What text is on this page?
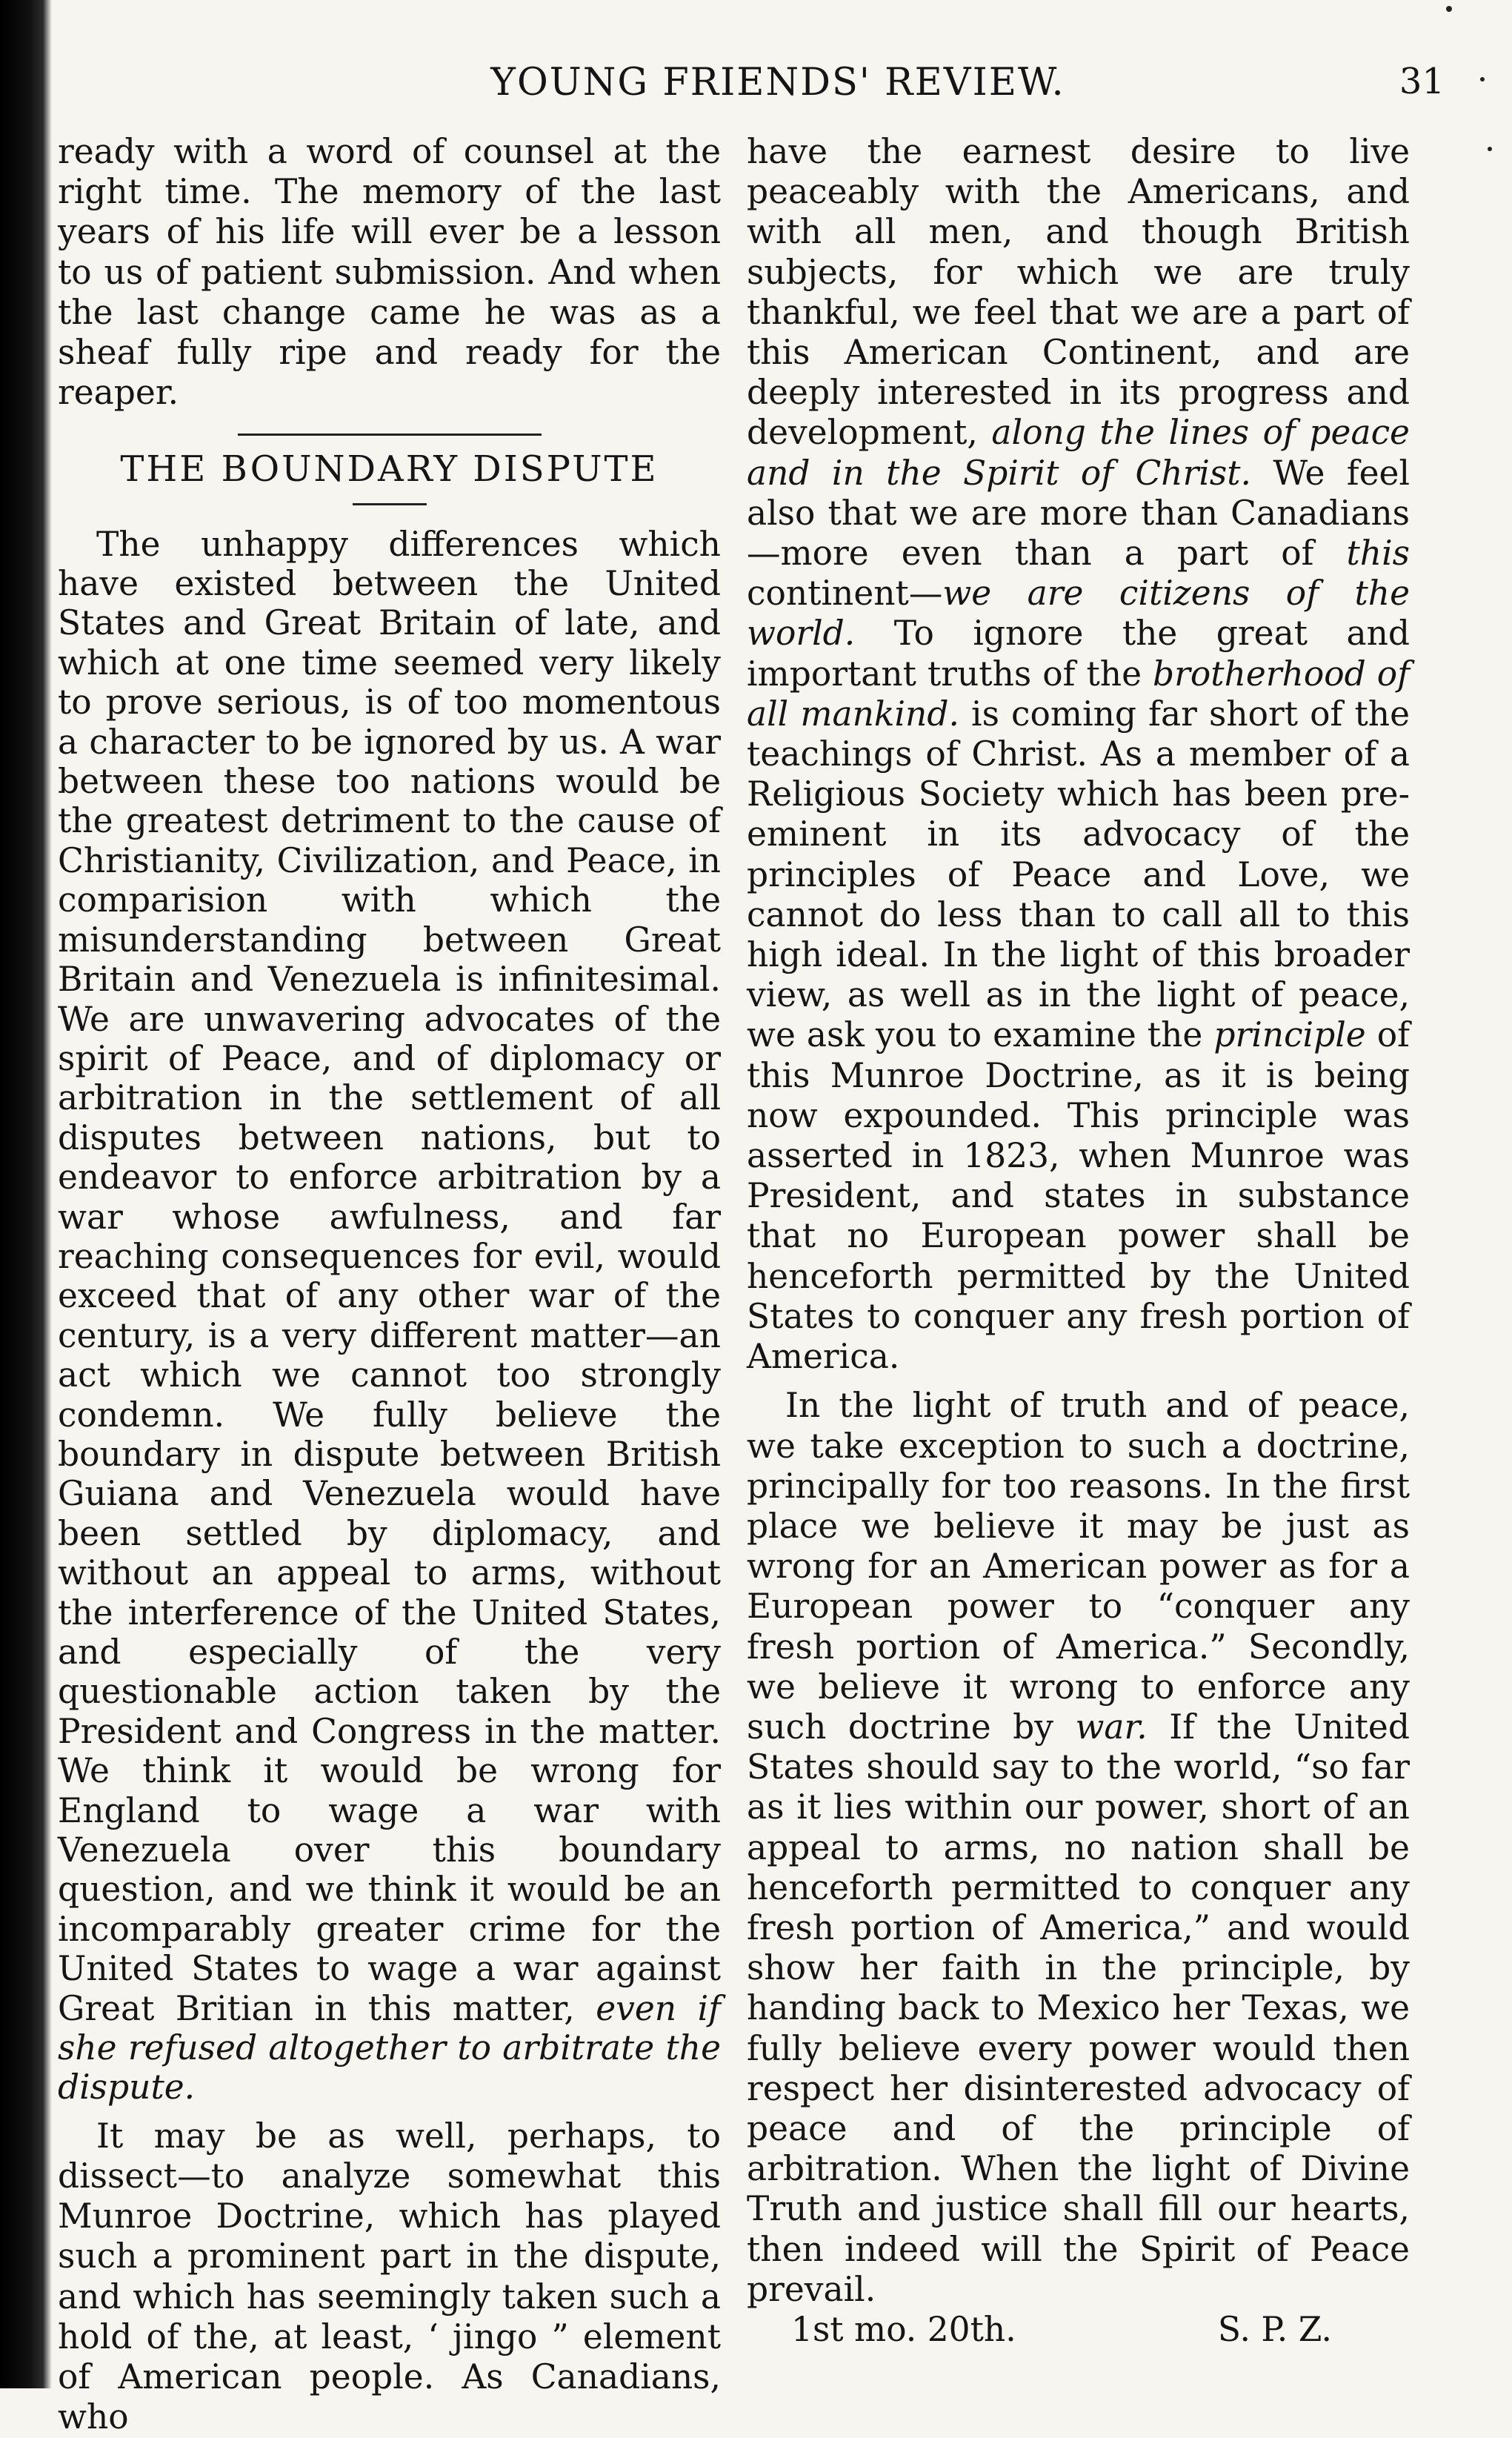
YOUNG FRIENDS' REVIEW.	31

ready with a word of counsel at the right time. The memory of the last years of his life will ever be a lesson to us of patient submission. And when the last change came he was as a sheaf fully ripe and ready for the reaper.

THE BOUNDARY DISPUTE

The unhappy differences which have existed between the United States and Great Britain of late, and which at one time seemed very likely to prove serious, is of too momentous a character to be ignored by us. A war between these too nations would be the greatest detriment to the cause of Christianity, Civilization, and Peace, in comparision with which the misunderstanding between Great Britain and Venezuela is infinitesimal. We are unwavering advocates of the spirit of Peace, and of diplomacy or arbitration in the settlement of all disputes between nations, but to endeavor to enforce arbitration by a war whose awfulness, and far reaching consequences for evil, would exceed that of any other war of the century, is a very different matter—an act which we cannot too strongly condemn. We fully believe the boundary in dispute between British Guiana and Venezuela would have been settled by diplomacy, and without an appeal to arms, without the interference of the United States, and especially of the very questionable action taken by the President and Congress in the matter. We think it would be wrong for England to wage a war with Venezuela over this boundary question, and we think it would be an incomparably greater crime for the United States to wage a war against Great Britian in this matter, even if she refused altogether to arbitrate the dispute.

It may be as well, perhaps, to dissect—to analyze somewhat this Munroe Doctrine, which has played such a prominent part in the dispute, and which has seemingly taken such a hold of the, at least, ‘ jingo ” element of American people. As Canadians, who

have the earnest desire to live peaceably with the Americans, and with all men, and though British subjects, for which we are truly thankful, we feel that we are a part of this American Continent, and are deeply interested in its progress and development, along the lines of peace and in the Spirit of Christ. We feel also that we are more than Canadians—more even than a part of this continent—we are citizens of the world. To ignore the great and important truths of the brotherhood of all mankind. is coming far short of the teachings of Christ. As a member of a Religious Society which has been pre-eminent in its advocacy of the principles of Peace and Love, we cannot do less than to call all to this high ideal. In the light of this broader view, as well as in the light of peace, we ask you to examine the principle of this Munroe Doctrine, as it is being now expounded. This principle was asserted in 1823, when Munroe was President, and states in substance that no European power shall be henceforth permitted by the United States to conquer any fresh portion of America.

In the light of truth and of peace, we take exception to such a doctrine, principally for too reasons. In the first place we believe it may be just as wrong for an American power as for a European power to “conquer any fresh portion of America.” Secondly, we believe it wrong to enforce any such doctrine by war. If the United States should say to the world, “so far as it lies within our power, short of an appeal to arms, no nation shall be henceforth permitted to conquer any fresh portion of America,” and would show her faith in the principle, by handing back to Mexico her Texas, we fully believe every power would then respect her disinterested advocacy of peace and of the principle of arbitration. When the light of Divine Truth and justice shall fill our hearts, then indeed will the Spirit of Peace prevail.

1st mo. 20th.	S. P. Z.
